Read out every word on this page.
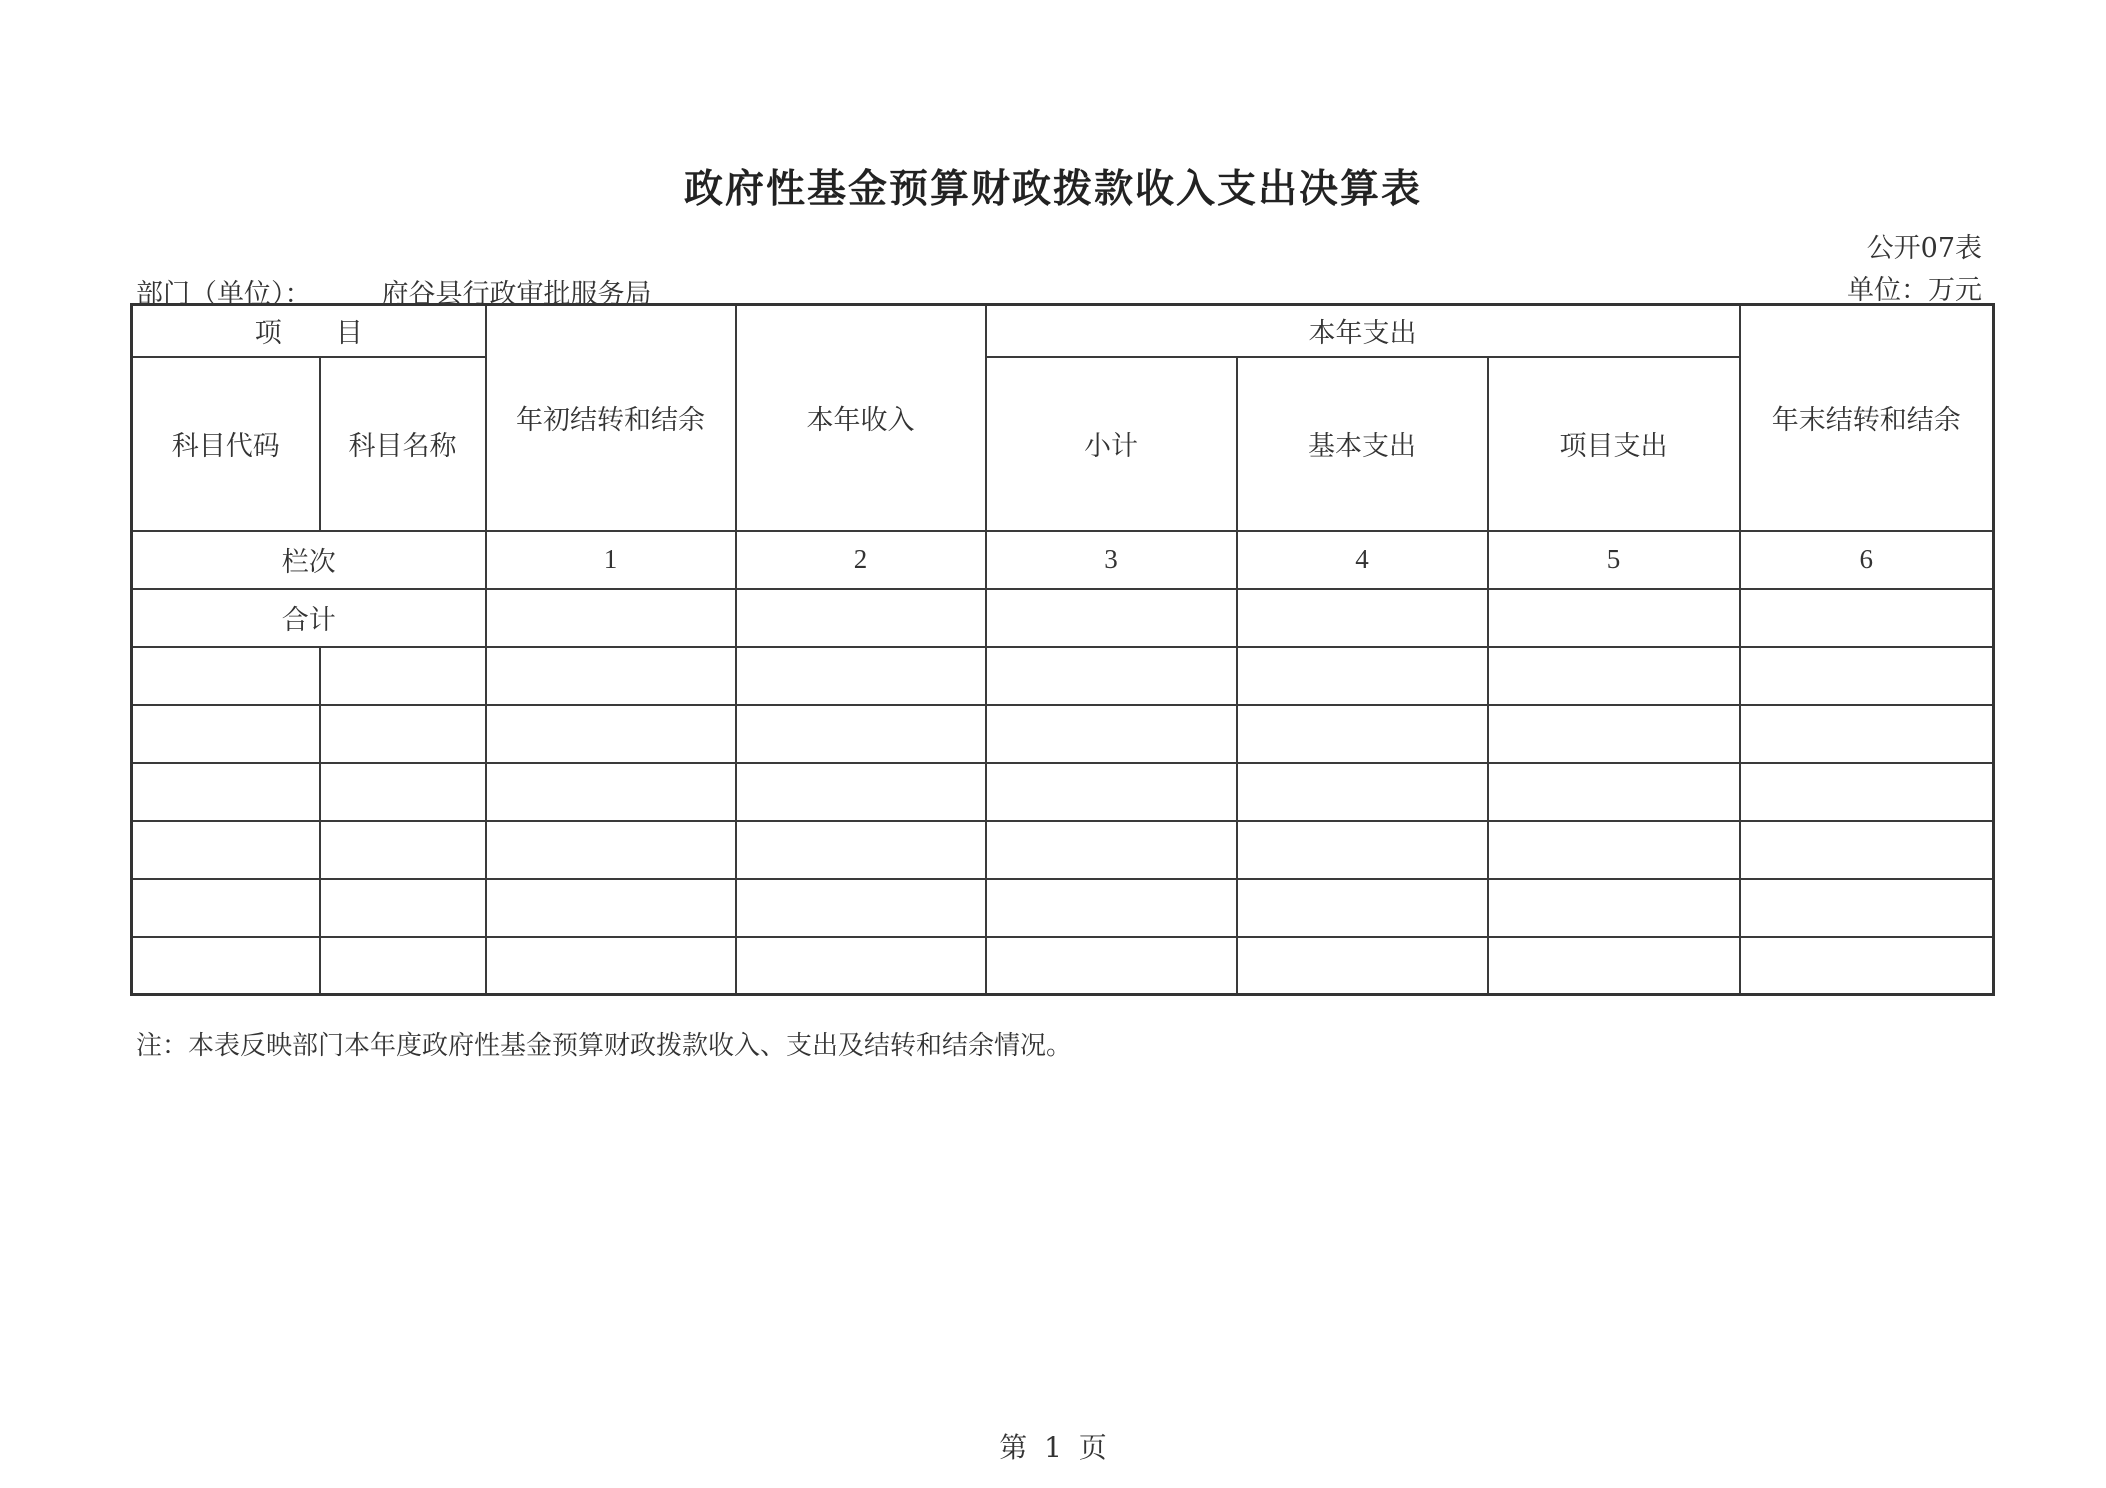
政府性基金预算财政拨款收入支出决算表
公开07表
部门（单位）：	府谷县行政审批服务局	单位：万元
项　　目		年初结转和结余	本年收入	本年支出			年末结转和结余
科目代码	科目名称			小计	基本支出	项目支出	
栏次		1	2	3	4	5	6
合计							

注：本表反映部门本年度政府性基金预算财政拨款收入、支出及结转和结余情况。
第 1 页
